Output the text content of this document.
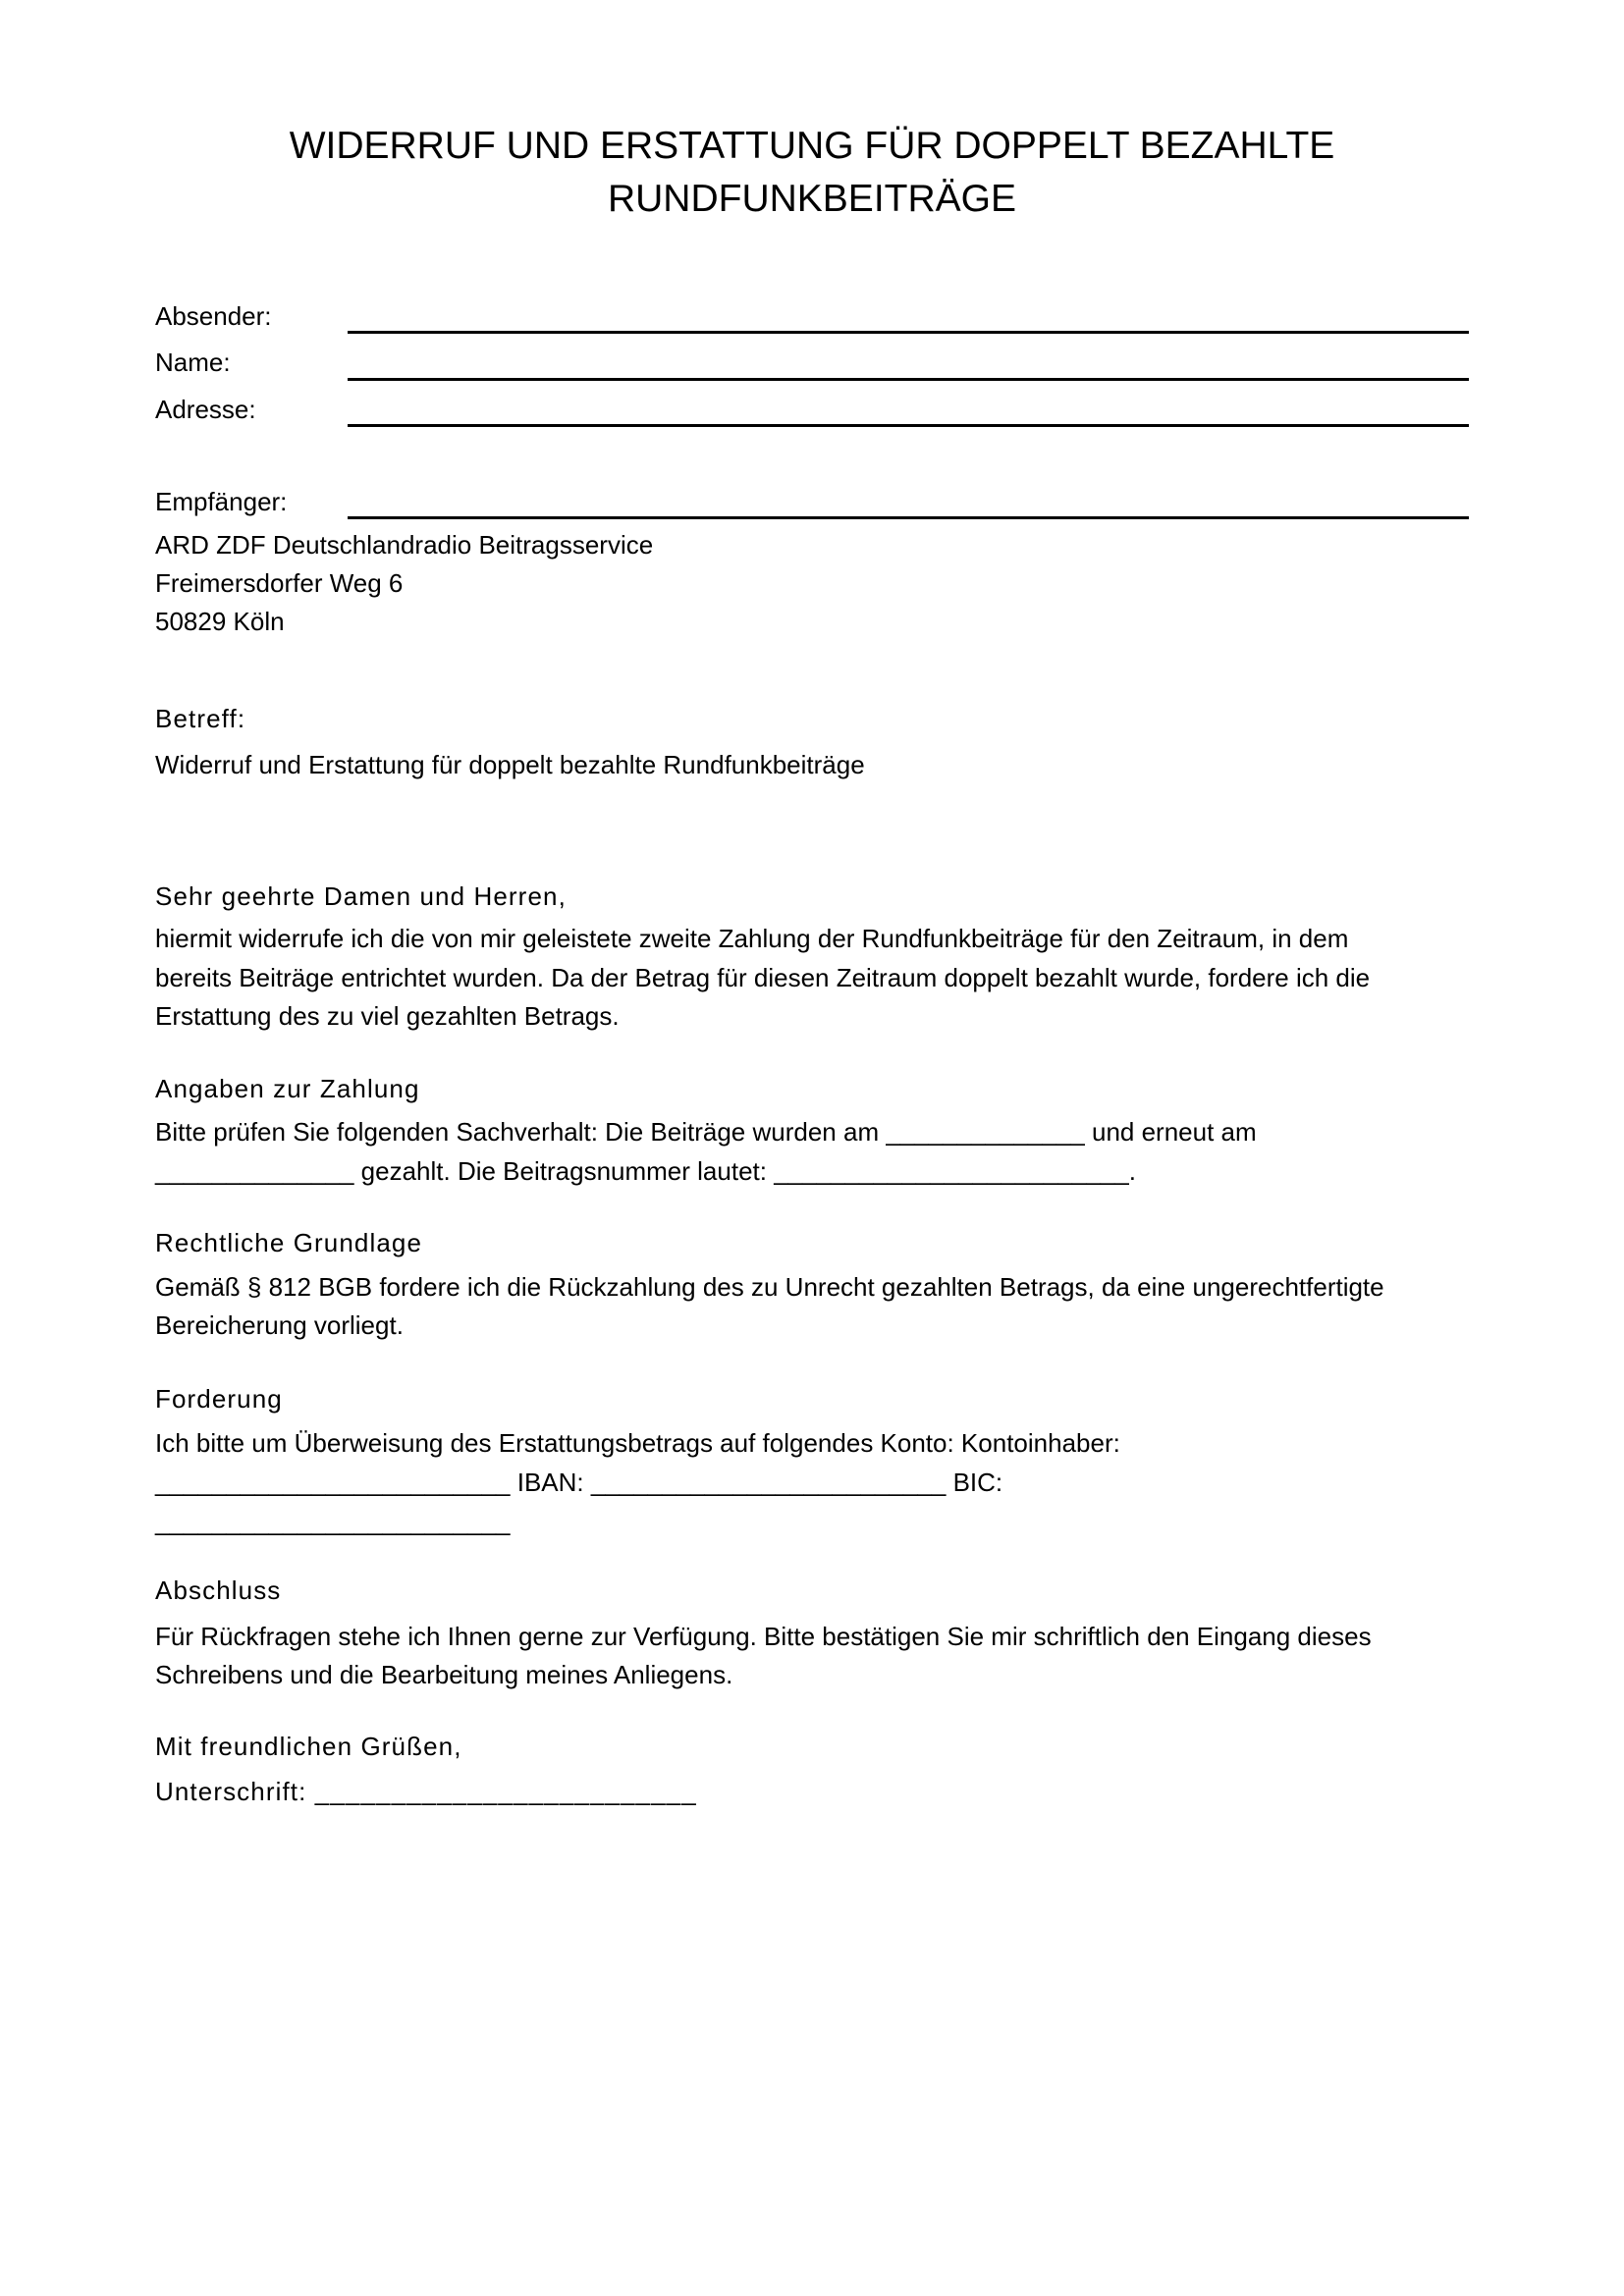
WIDERRUF UND ERSTATTUNG FÜR DOPPELT BEZAHLTE
RUNDFUNKBEITRÄGE
Absender:
Name:
Adresse:
Empfänger:
ARD ZDF Deutschlandradio Beitragsservice
Freimersdorfer Weg 6
50829 Köln
Betreff:
Widerruf und Erstattung für doppelt bezahlte Rundfunkbeiträge
Sehr geehrte Damen und Herren,
hiermit widerrufe ich die von mir geleistete zweite Zahlung der Rundfunkbeiträge für den Zeitraum, in dem
bereits Beiträge entrichtet wurden. Da der Betrag für diesen Zeitraum doppelt bezahlt wurde, fordere ich die
Erstattung des zu viel gezahlten Betrags.
Angaben zur Zahlung
Bitte prüfen Sie folgenden Sachverhalt: Die Beiträge wurden am ______________ und erneut am
______________ gezahlt. Die Beitragsnummer lautet: _________________________.
Rechtliche Grundlage
Gemäß § 812 BGB fordere ich die Rückzahlung des zu Unrecht gezahlten Betrags, da eine ungerechtfertigte
Bereicherung vorliegt.
Forderung
Ich bitte um Überweisung des Erstattungsbetrags auf folgendes Konto: Kontoinhaber:
_________________________ IBAN: _________________________ BIC:
_________________________
Abschluss
Für Rückfragen stehe ich Ihnen gerne zur Verfügung. Bitte bestätigen Sie mir schriftlich den Eingang dieses
Schreibens und die Bearbeitung meines Anliegens.
Mit freundlichen Grüßen,
Unterschrift: _________________________
